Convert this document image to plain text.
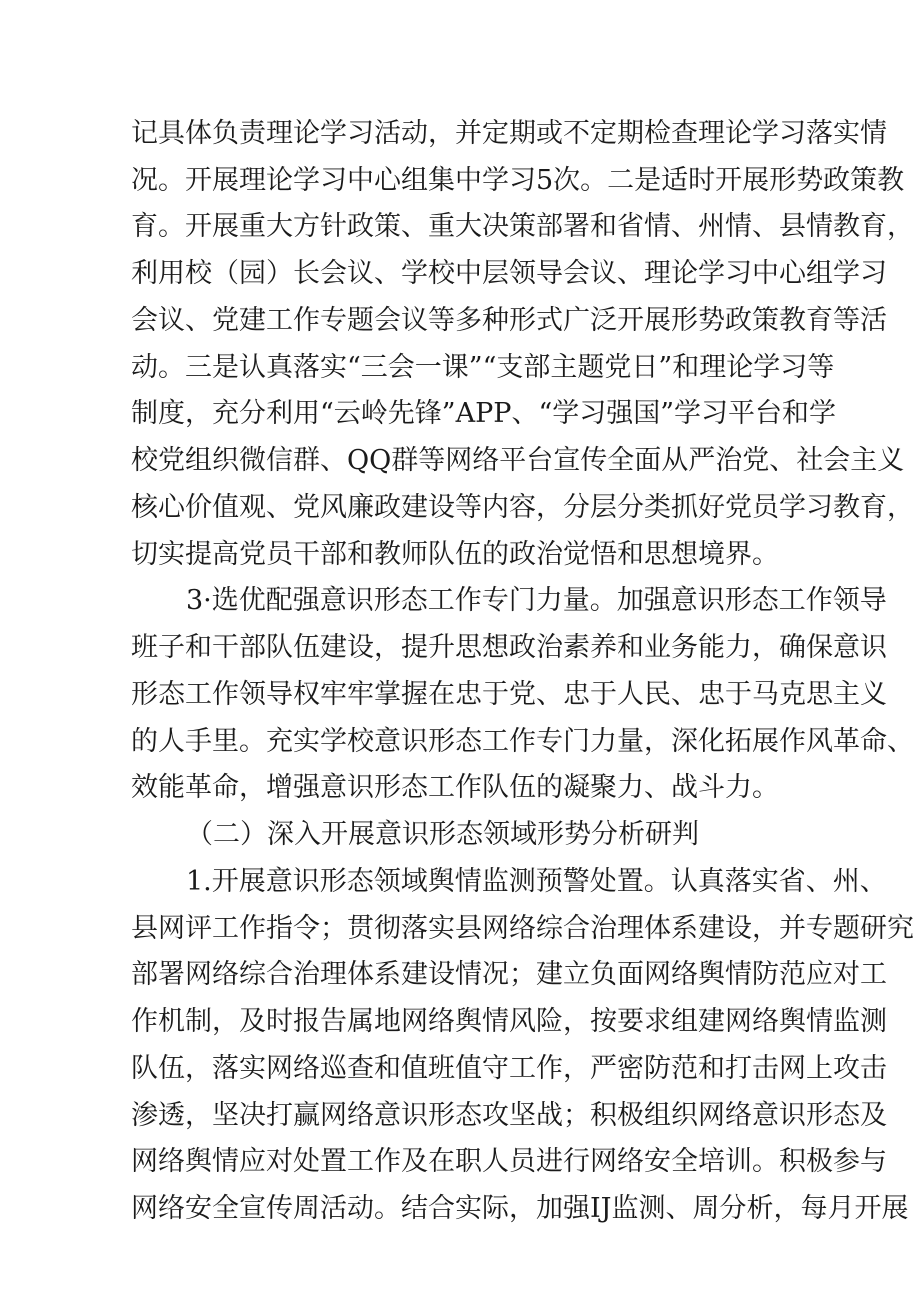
记具体负责理论学习活动，并定期或不定期检查理论学习落实情
况。开展理论学习中心组集中学习5次。二是适时开展形势政策教
育。开展重大方针政策、重大决策部署和省情、州情、县情教育，
利用校（园）长会议、学校中层领导会议、理论学习中心组学习
会议、党建工作专题会议等多种形式广泛开展形势政策教育等活
动。三是认真落实“三会一课”“支部主题党日”和理论学习等
制度，充分利用“云岭先锋”APP、“学习强国”学习平台和学
校党组织微信群、QQ群等网络平台宣传全面从严治党、社会主义
核心价值观、党风廉政建设等内容，分层分类抓好党员学习教育，
切实提高党员干部和教师队伍的政治觉悟和思想境界。
3·选优配强意识形态工作专门力量。加强意识形态工作领导
班子和干部队伍建设，提升思想政治素养和业务能力，确保意识
形态工作领导权牢牢掌握在忠于党、忠于人民、忠于马克思主义
的人手里。充实学校意识形态工作专门力量，深化拓展作风革命、
效能革命，增强意识形态工作队伍的凝聚力、战斗力。
（二）深入开展意识形态领域形势分析研判
1.开展意识形态领域舆情监测预警处置。认真落实省、州、
县网评工作指令；贯彻落实县网络综合治理体系建设，并专题研究
部署网络综合治理体系建设情况；建立负面网络舆情防范应对工
作机制，及时报告属地网络舆情风险，按要求组建网络舆情监测
队伍，落实网络巡查和值班值守工作，严密防范和打击网上攻击
渗透，坚决打赢网络意识形态攻坚战；积极组织网络意识形态及
网络舆情应对处置工作及在职人员进行网络安全培训。积极参与
网络安全宣传周活动。结合实际，加强IJ监测、周分析，每月开展
